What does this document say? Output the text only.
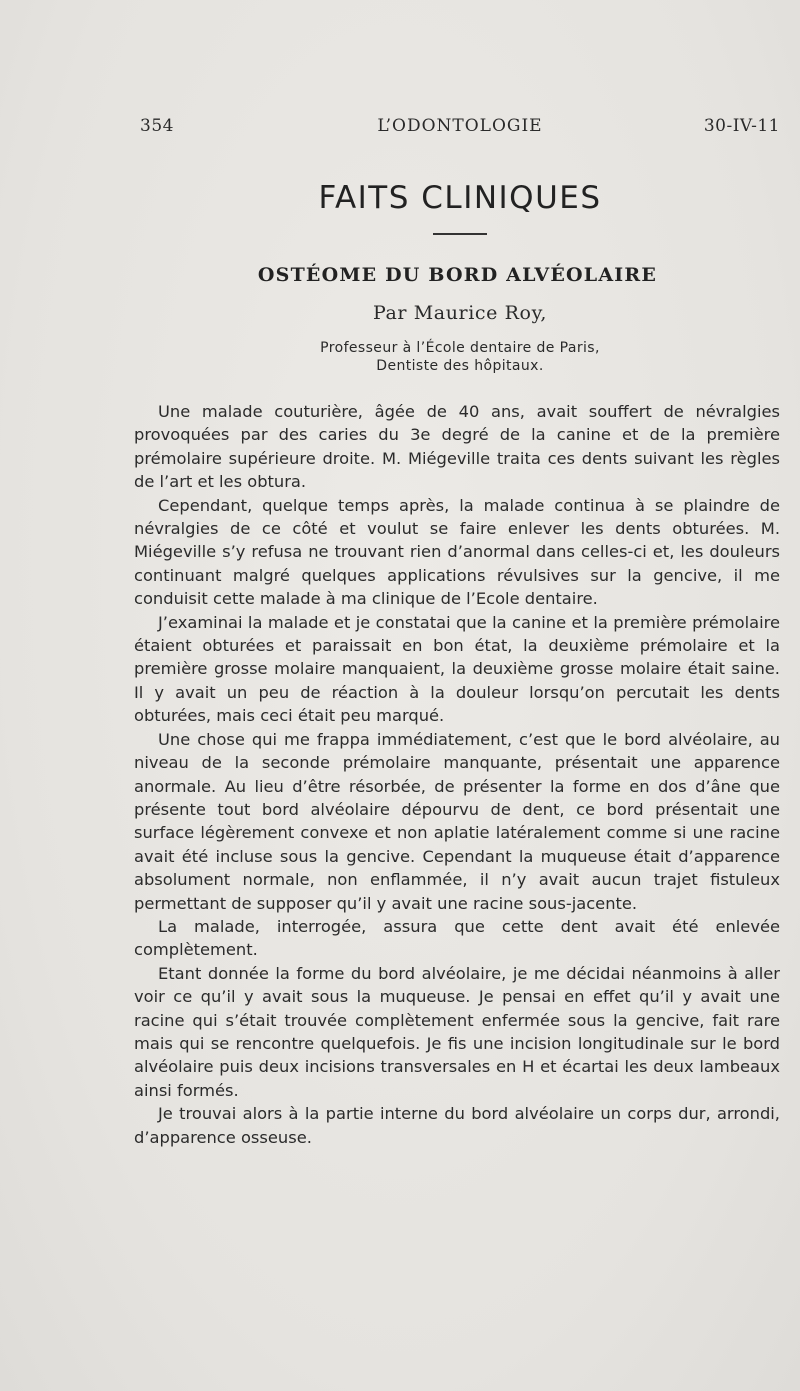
354	L’ODONTOLOGIE	30-IV-11
FAITS CLINIQUES
OSTÉOME DU BORD ALVÉOLAIRE
Par Maurice Roy,
Professeur à l’École dentaire de Paris,
Dentiste des hôpitaux.

Une malade couturière, âgée de 40 ans, avait souffert de névralgies provoquées par des caries du 3e degré de la canine et de la première prémolaire supérieure droite. M. Miégeville traita ces dents suivant les règles de l’art et les obtura.

Cependant, quelque temps après, la malade continua à se plaindre de névralgies de ce côté et voulut se faire enlever les dents obturées. M. Miégeville s’y refusa ne trouvant rien d’anormal dans celles-ci et, les douleurs continuant malgré quelques applications révulsives sur la gencive, il me conduisit cette malade à ma clinique de l’Ecole dentaire.

J’examinai la malade et je constatai que la canine et la première prémolaire étaient obturées et paraissait en bon état, la deuxième prémolaire et la première grosse molaire manquaient, la deuxième grosse molaire était saine. Il y avait un peu de réaction à la douleur lorsqu’on percutait les dents obturées, mais ceci était peu marqué.

Une chose qui me frappa immédiatement, c’est que le bord alvéolaire, au niveau de la seconde prémolaire manquante, présentait une apparence anormale. Au lieu d’être résorbée, de présenter la forme en dos d’âne que présente tout bord alvéolaire dépourvu de dent, ce bord présentait une surface légèrement convexe et non aplatie latéralement comme si une racine avait été incluse sous la gencive. Cependant la muqueuse était d’apparence absolument normale, non enflammée, il n’y avait aucun trajet fistuleux permettant de supposer qu’il y avait une racine sous-jacente.

La malade, interrogée, assura que cette dent avait été enlevée complètement.

Etant donnée la forme du bord alvéolaire, je me décidai néanmoins à aller voir ce qu’il y avait sous la muqueuse. Je pensai en effet qu’il y avait une racine qui s’était trouvée complètement enfermée sous la gencive, fait rare mais qui se rencontre quelquefois. Je fis une incision longitudinale sur le bord alvéolaire puis deux incisions transversales en H et écartai les deux lambeaux ainsi formés.

Je trouvai alors à la partie interne du bord alvéolaire un corps dur, arrondi, d’apparence osseuse.
